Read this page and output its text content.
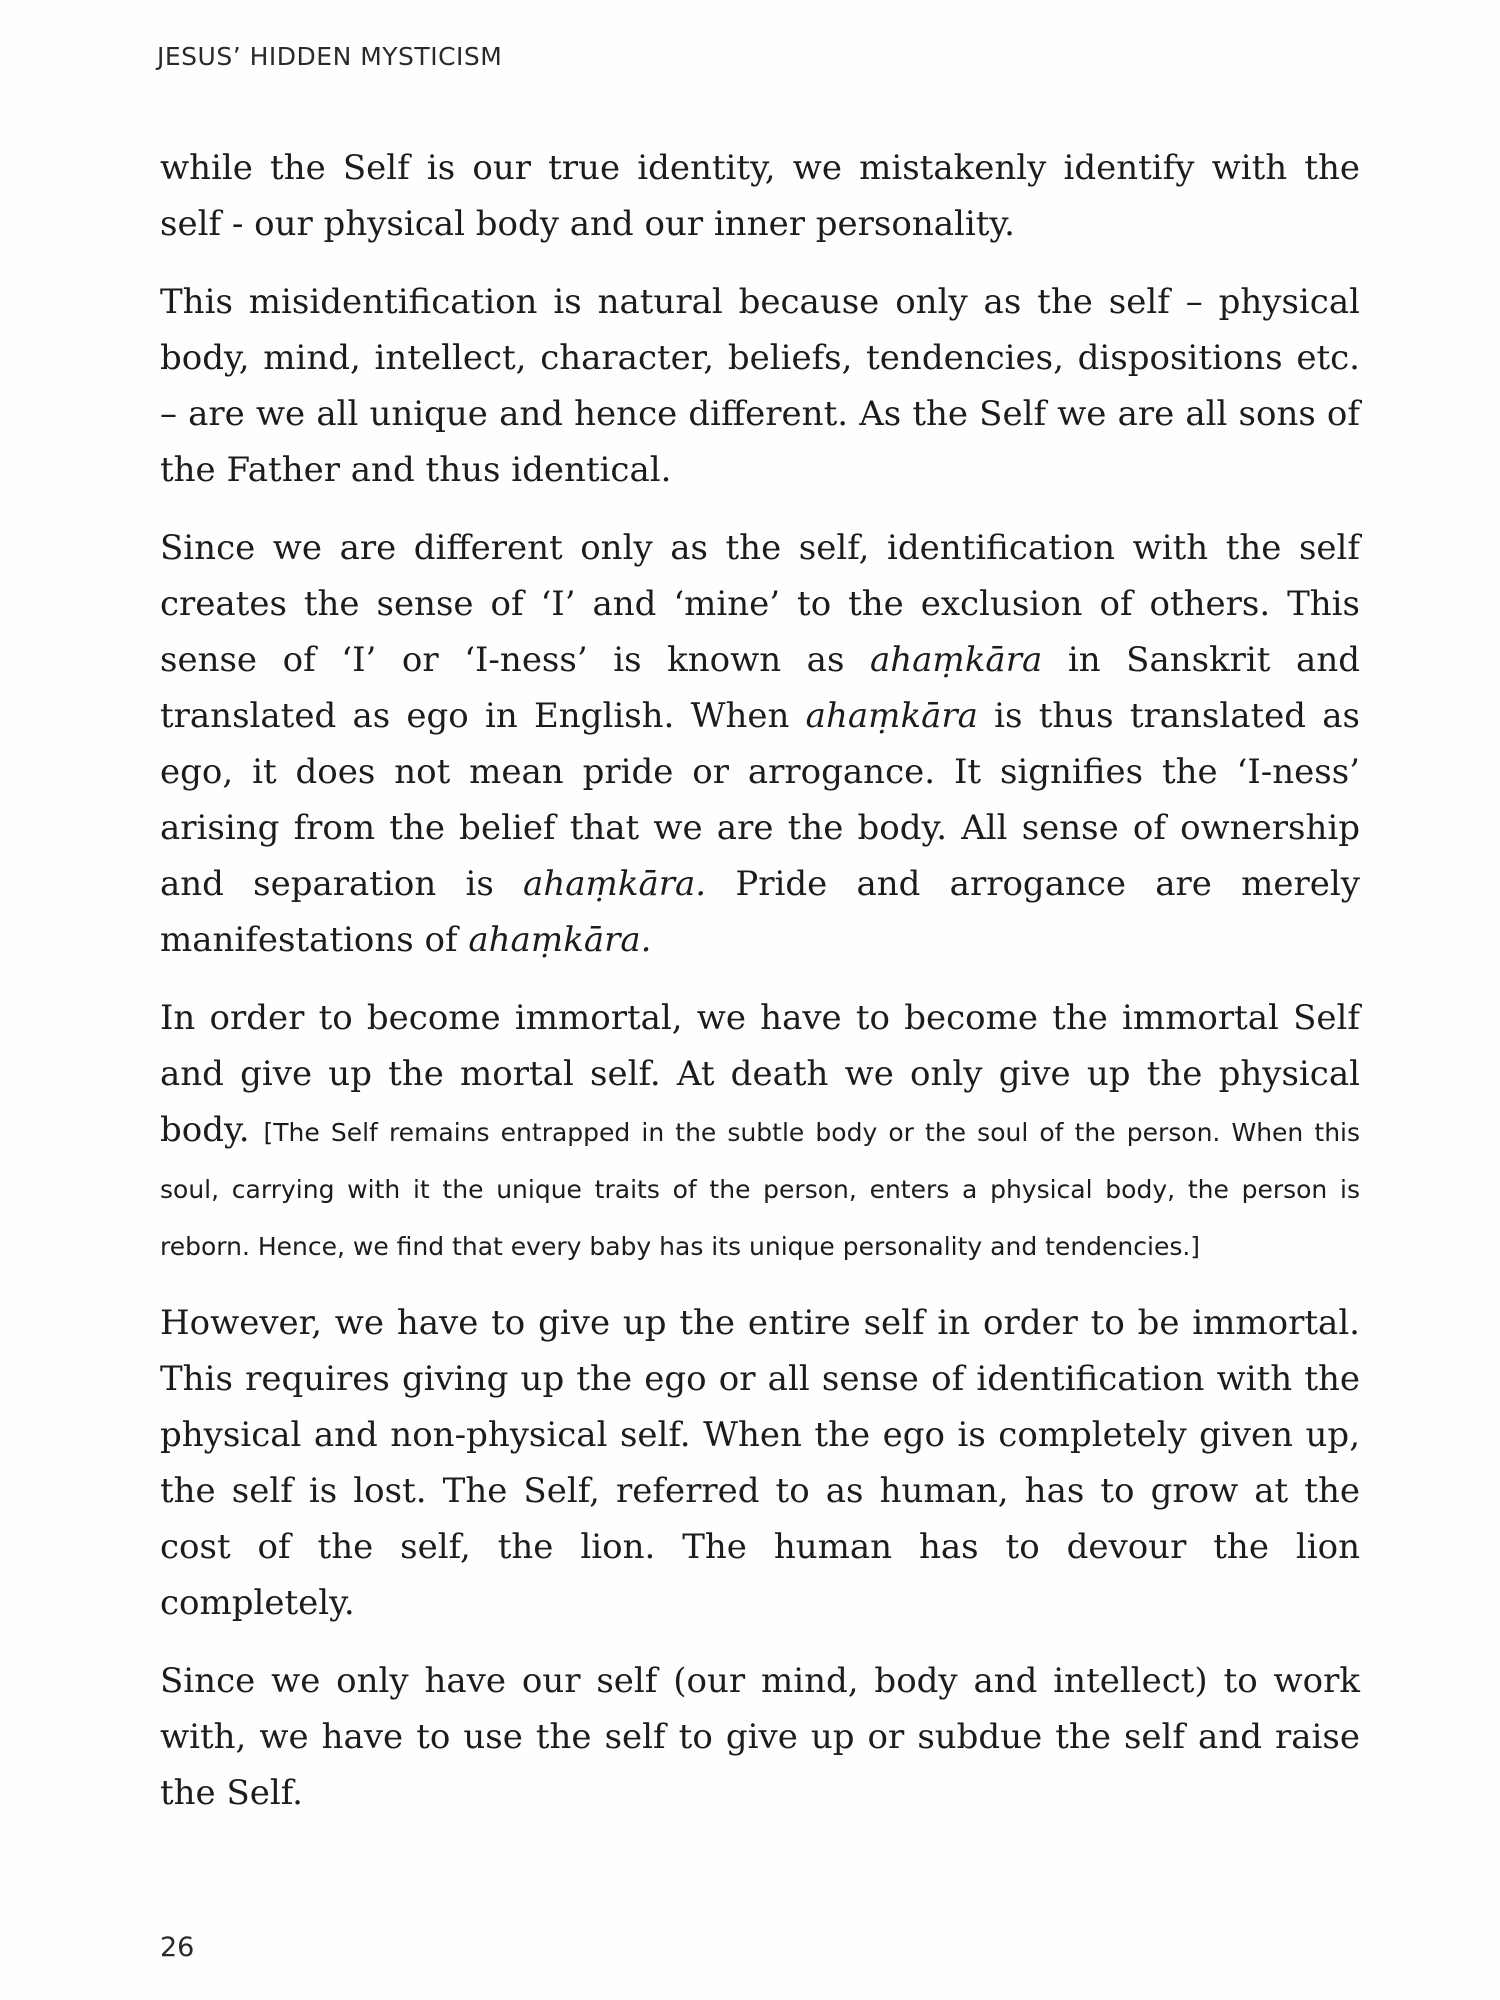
JESUS’ HIDDEN MYSTICISM

while the Self is our true identity, we mistakenly identify with the self - our physical body and our inner personality.

This misidentification is natural because only as the self – physical body, mind, intellect, character, beliefs, tendencies, dispositions etc. – are we all unique and hence different. As the Self we are all sons of the Father and thus identical.

Since we are different only as the self, identification with the self creates the sense of ‘I’ and ‘mine’ to the exclusion of others. This sense of ‘I’ or ‘I-ness’ is known as ahaṃkāra in Sanskrit and translated as ego in English. When ahaṃkāra is thus translated as ego, it does not mean pride or arrogance. It signifies the ‘I-ness’ arising from the belief that we are the body. All sense of ownership and separation is ahaṃkāra. Pride and arrogance are merely manifestations of ahaṃkāra.

In order to become immortal, we have to become the immortal Self and give up the mortal self. At death we only give up the physical body. [The Self remains entrapped in the subtle body or the soul of the person. When this soul, carrying with it the unique traits of the person, enters a physical body, the person is reborn. Hence, we find that every baby has its unique personality and tendencies.]

However, we have to give up the entire self in order to be immortal. This requires giving up the ego or all sense of identification with the physical and non-physical self. When the ego is completely given up, the self is lost. The Self, referred to as human, has to grow at the cost of the self, the lion. The human has to devour the lion completely.

Since we only have our self (our mind, body and intellect) to work with, we have to use the self to give up or subdue the self and raise the Self.

26
